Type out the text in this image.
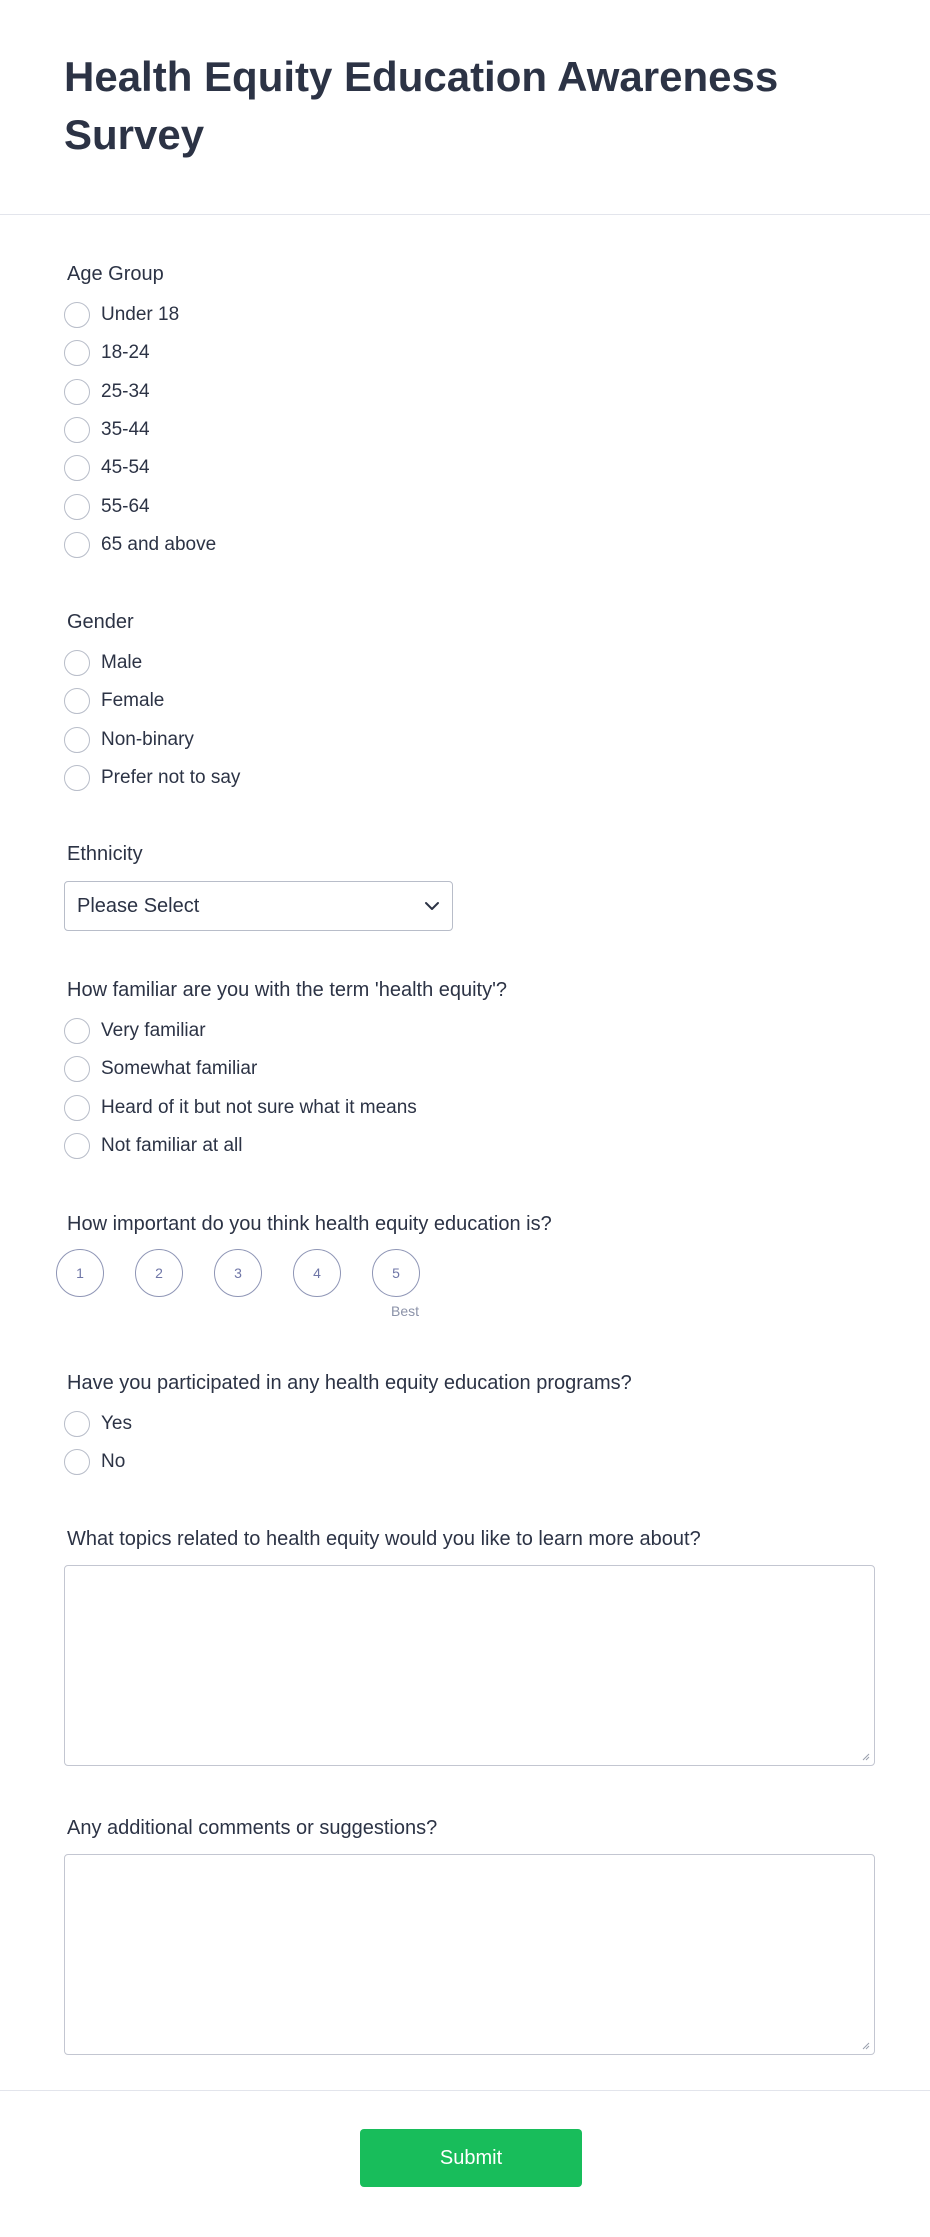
Health Equity Education Awareness Survey
Age Group
Under 18
18-24
25-34
35-44
45-54
55-64
65 and above
Gender
Male
Female
Non-binary
Prefer not to say
Ethnicity
Please Select
How familiar are you with the term 'health equity'?
Very familiar
Somewhat familiar
Heard of it but not sure what it means
Not familiar at all
How important do you think health equity education is?
1	2	3	4	5
Best
Have you participated in any health equity education programs?
Yes
No
What topics related to health equity would you like to learn more about?
Any additional comments or suggestions?
Submit
